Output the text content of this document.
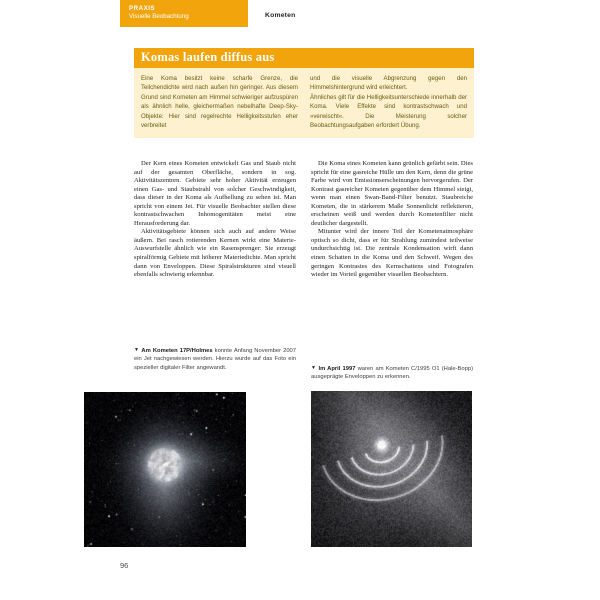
PRAXIS
Visuelle Beobachtung	Kometen
Komas laufen diffus aus

Eine Koma besitzt keine scharfe Grenze, die Teilchendichte wird nach außen hin geringer. Aus diesem Grund sind Kometen am Himmel schwieriger aufzuspüren als ähnlich helle, gleichermaßen nebelhafte Deep-Sky-Objekte: Hier sind regelrechte Helligkeitsstufen eher verbreitet

und die visuelle Abgrenzung gegen den Himmelshintergrund wird erleichtert.

Ähnliches gilt für die Helligkeitsunterschiede innerhalb der Koma. Viele Effekte sind kontrastschwach und »verwischt«. Die Meisterung solcher Beobachtungsaufgaben erfordert Übung.

Der Kern eines Kometen entwickelt Gas und Staub nicht auf der gesamten Oberfläche, sondern in sog. Aktivitätszentren. Gebiete sehr hoher Aktivität erzeugen einen Gas- und Staubstrahl von solcher Geschwindigkeit, dass dieser in der Koma als Aufhellung zu sehen ist. Man spricht von einem Jet. Für visuelle Beobachter stellen diese kontrastschwachen Inhomogenitäten meist eine Herausforderung dar.

Aktivitätsgebiete können sich auch auf andere Weise äußern. Bei rasch rotierenden Kernen wirkt eine Materie-Auswurfstelle ähnlich wie ein Rasensprenger: Sie erzeugt spiralförmig Gebiete mit höherer Materiedichte. Man spricht dann von Enveloppen. Diese Spiralstrukturen sind visuell ebenfalls schwierig erkennbar.

Die Koma eines Kometen kann grünlich gefärbt sein. Dies spricht für eine gasreiche Hülle um den Kern, denn die grüne Farbe wird von Emissionserscheinungen hervorgerufen. Der Kontrast gasreicher Kometen gegenüber dem Himmel steigt, wenn man einen Swan-Band-Filter benutzt. Staubreiche Kometen, die in stärkerem Maße Sonnenlicht reflektieren, erscheinen weiß und werden durch Kometenfilter nicht deutlicher dargestellt.

Mitunter wird der innere Teil der Kometenatmosphäre optisch so dicht, dass er für Strahlung zumindest teilweise undurchsichtig ist. Die zentrale Kondensation wirft dann einen Schatten in die Koma und den Schweif. Wegen des geringen Kontrastes des Kernschattens sind Fotografen wieder im Vorteil gegenüber visuellen Beobachtern.

▼ Am Kometen 17P/Holmes konnte Anfang November 2007 ein Jet nachgewiesen werden. Hierzu wurde auf das Foto ein spezieller digitaler Filter angewandt.	▼ Im April 1997 waren am Kometen C/1995 O1 (Hale-Bopp) ausgeprägte Enveloppen zu erkennen.
96
